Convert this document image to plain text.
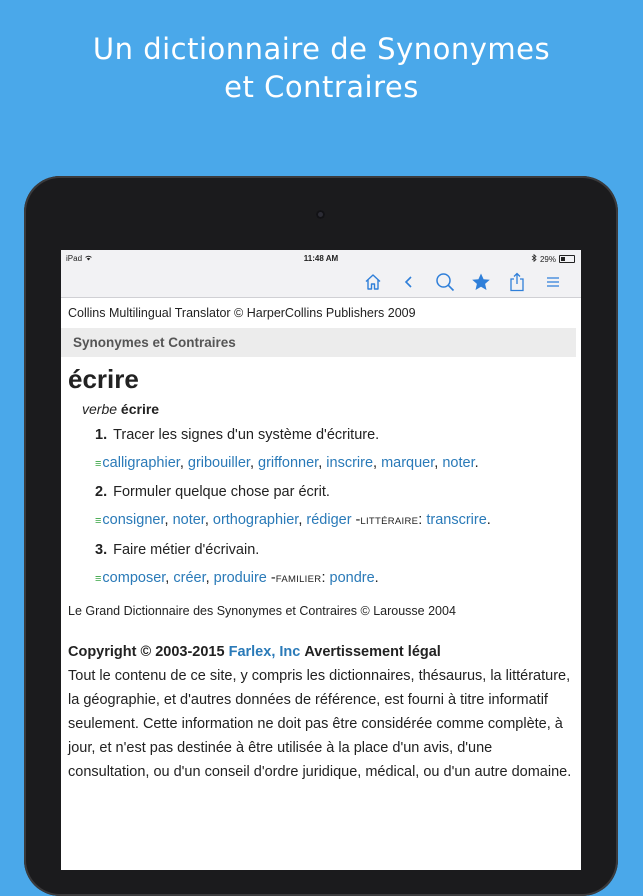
Un dictionnaire de Synonymes
et Contraires
iPad	11:48 AM	29%
Collins Multilingual Translator © HarperCollins Publishers 2009
Synonymes et Contraires
écrire
verbe écrire
1. Tracer les signes d'un système d'écriture.
≡calligraphier, gribouiller, griffonner, inscrire, marquer, noter.
2. Formuler quelque chose par écrit.
≡consigner, noter, orthographier, rédiger -LITTÉRAIRE: transcrire.
3. Faire métier d'écrivain.
≡composer, créer, produire -FAMILIER: pondre.
Le Grand Dictionnaire des Synonymes et Contraires © Larousse 2004
Copyright © 2003-2015 Farlex, Inc Avertissement légal
Tout le contenu de ce site, y compris les dictionnaires, thésaurus, la littérature, la géographie, et d'autres données de référence, est fourni à titre informatif seulement. Cette information ne doit pas être considérée comme complète, à jour, et n'est pas destinée à être utilisée à la place d'un avis, d'une consultation, ou d'un conseil d'ordre juridique, médical, ou d'un autre domaine.
